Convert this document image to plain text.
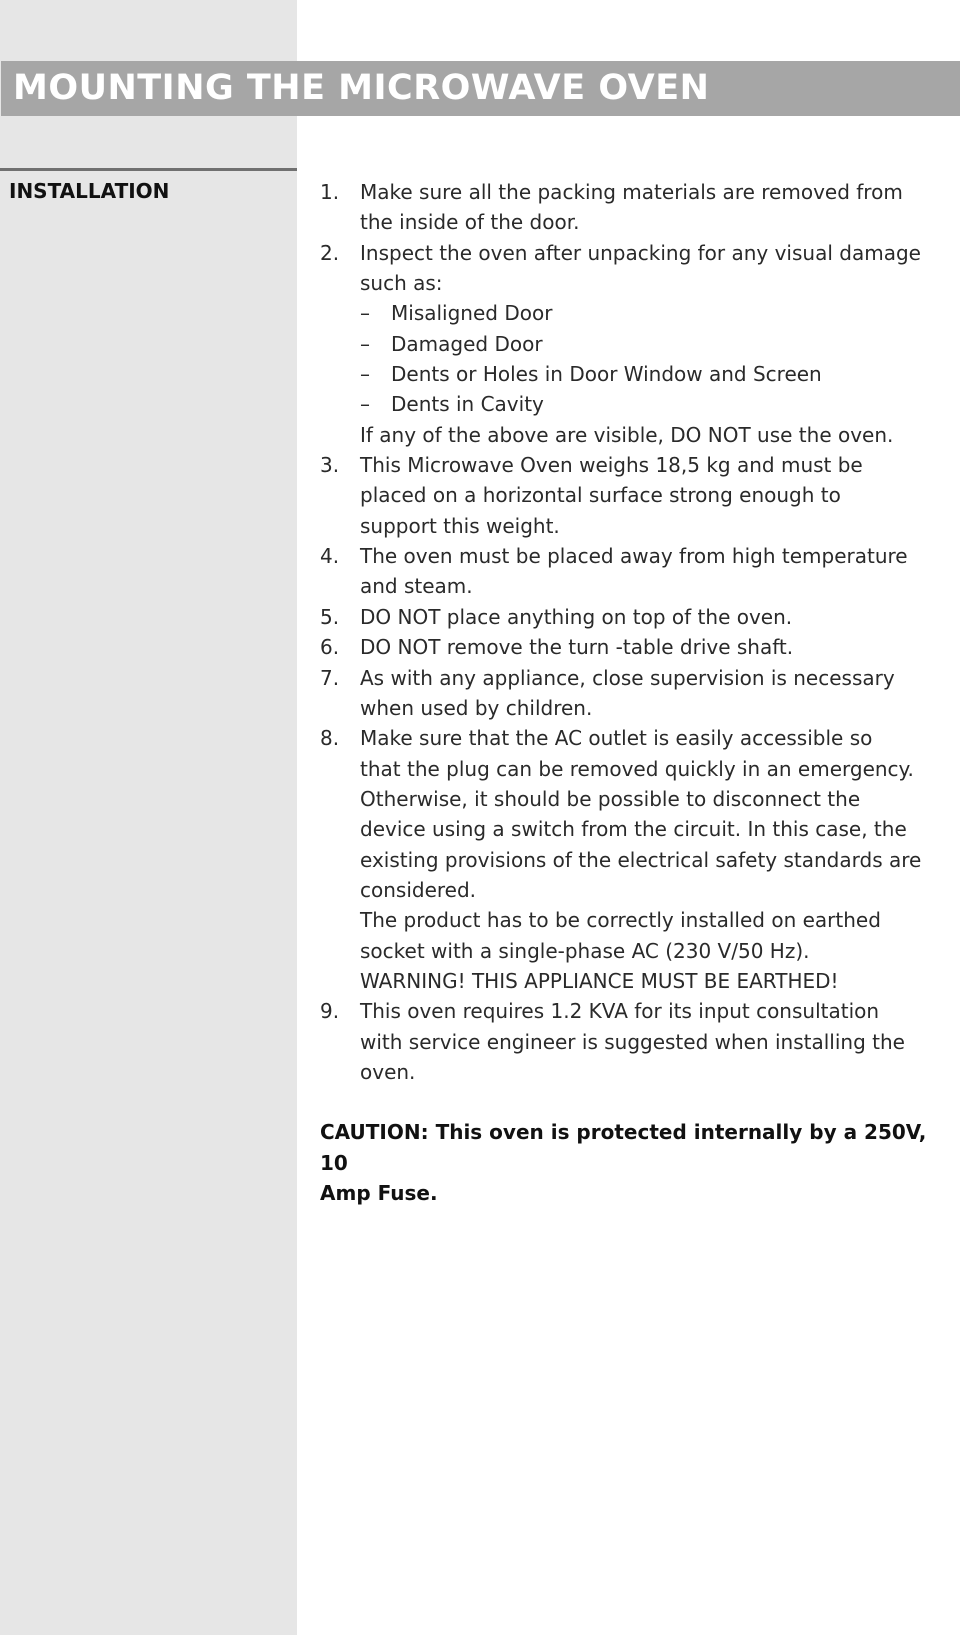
MOUNTING THE MICROWAVE OVEN
INSTALLATION	1.	Make sure all the packing materials are removed from
the inside of the door.
2.	Inspect the oven after unpacking for any visual damage
such as:
– Misaligned Door
– Damaged Door
– Dents or Holes in Door Window and Screen
– Dents in Cavity
If any of the above are visible, DO NOT use the oven.
3.	This Microwave Oven weighs 18,5 kg and must be
placed on a horizontal surface strong enough to
support this weight.
4.	The oven must be placed away from high temperature
and steam.
5.	DO NOT place anything on top of the oven.
6.	DO NOT remove the turn -table drive shaft.
7.	As with any appliance, close supervision is necessary
when used by children.
8.	Make sure that the AC outlet is easily accessible so
that the plug can be removed quickly in an emergency.
Otherwise, it should be possible to disconnect the
device using a switch from the circuit. In this case, the
existing provisions of the electrical safety standards are
considered.
The product has to be correctly installed on earthed
socket with a single-phase AC (230 V/50 Hz).
WARNING! THIS APPLIANCE MUST BE EARTHED!
9.	This oven requires 1.2 KVA for its input consultation
with service engineer is suggested when installing the
oven.
CAUTION: This oven is protected internally by a 250V, 10
Amp Fuse.
